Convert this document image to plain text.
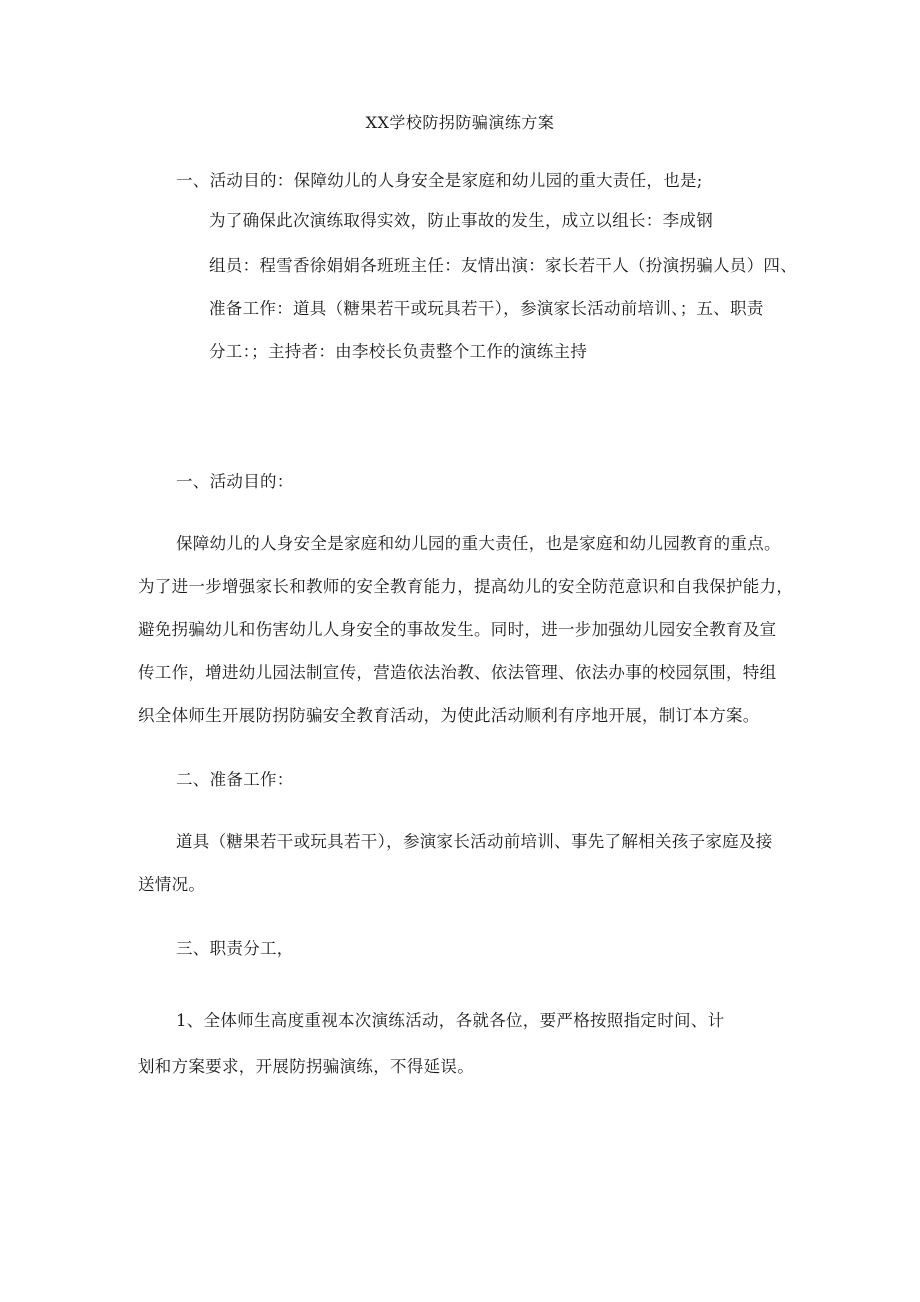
XX学校防拐防骗演练方案
一、活动目的：保障幼儿的人身安全是家庭和幼儿园的重大责任，也是;
为了确保此次演练取得实效，防止事故的发生，成立以组长：李成钢
组员：程雪香徐娟娟各班班主任：友情出演：家长若干人（扮演拐骗人员）四、
准备工作：道具（糖果若干或玩具若干），参演家长活动前培训、；五、职责
分工：；主持者：由李校长负责整个工作的演练主持
一、活动目的：
保障幼儿的人身安全是家庭和幼儿园的重大责任，也是家庭和幼儿园教育的重点。
为了进一步增强家长和教师的安全教育能力，提高幼儿的安全防范意识和自我保护能力，
避免拐骗幼儿和伤害幼儿人身安全的事故发生。同时，进一步加强幼儿园安全教育及宣
传工作，增进幼儿园法制宣传，营造依法治教、依法管理、依法办事的校园氛围，特组
织全体师生开展防拐防骗安全教育活动，为使此活动顺利有序地开展，制订本方案。
二、准备工作：
道具（糖果若干或玩具若干），参演家长活动前培训、事先了解相关孩子家庭及接
送情况。
三、职责分工，
1、全体师生高度重视本次演练活动，各就各位，要严格按照指定时间、计
划和方案要求，开展防拐骗演练，不得延误。
